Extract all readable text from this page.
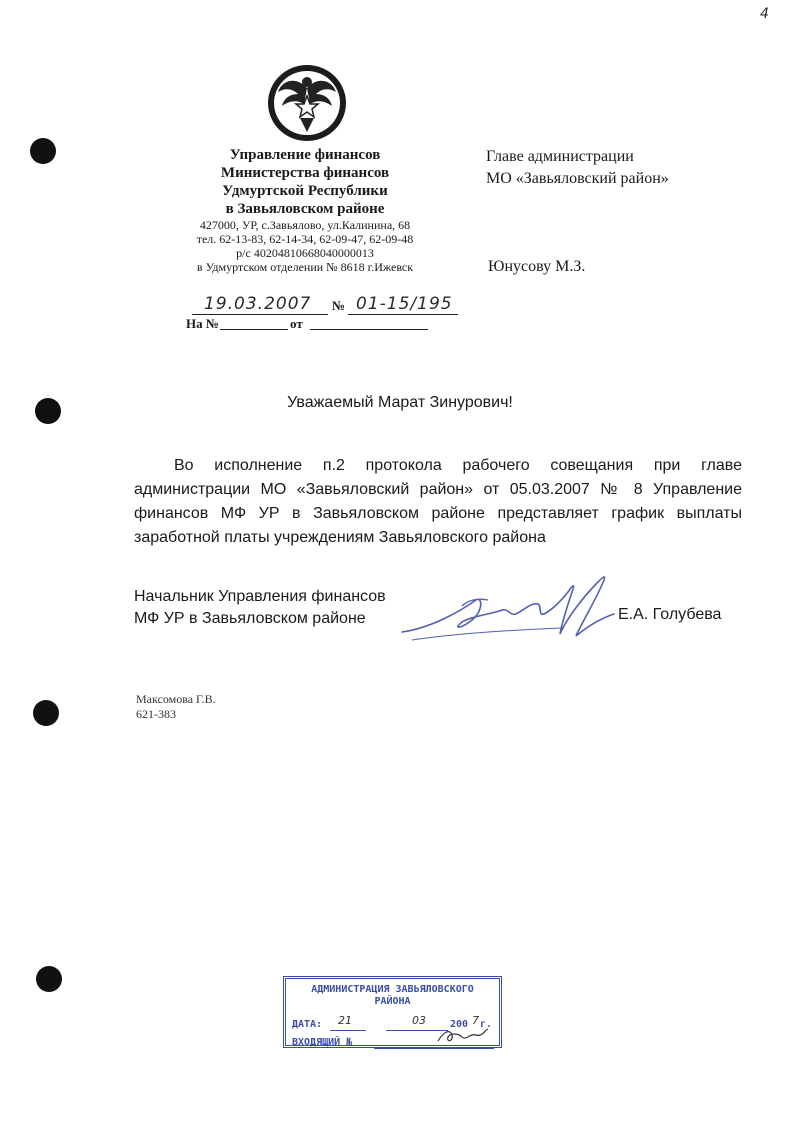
4
Управление финансов
Министерства финансов
Удмуртской Республики
в Завьяловском районе
427000, УР, с.Завьялово, ул.Калинина, 68
тел. 62-13-83, 62-14-34, 62-09-47, 62-09-48
р/с 40204810668040000013
в Удмуртском отделении № 8618 г.Ижевск
19.03.2007 № 01-15/195
На №	от
Главе администрации
МО «Завьяловский район»
Юнусову М.З.
Уважаемый Марат Зинурович!
Во исполнение п.2 протокола рабочего совещания при главе администрации МО «Завьяловский район» от 05.03.2007 № 8 Управление финансов МФ УР в Завьяловском районе представляет график выплаты заработной платы учреждениям Завьяловского района
Начальник Управления финансов
МФ УР в Завьяловском районе	Е.А. Голубева
Максомова Г.В.
621-383
АДМИНИСТРАЦИЯ ЗАВЬЯЛОВСКОГО
РАЙОНА
ДАТА: 21	03 200 7 г.
ВХОДЯЩИЙ №
